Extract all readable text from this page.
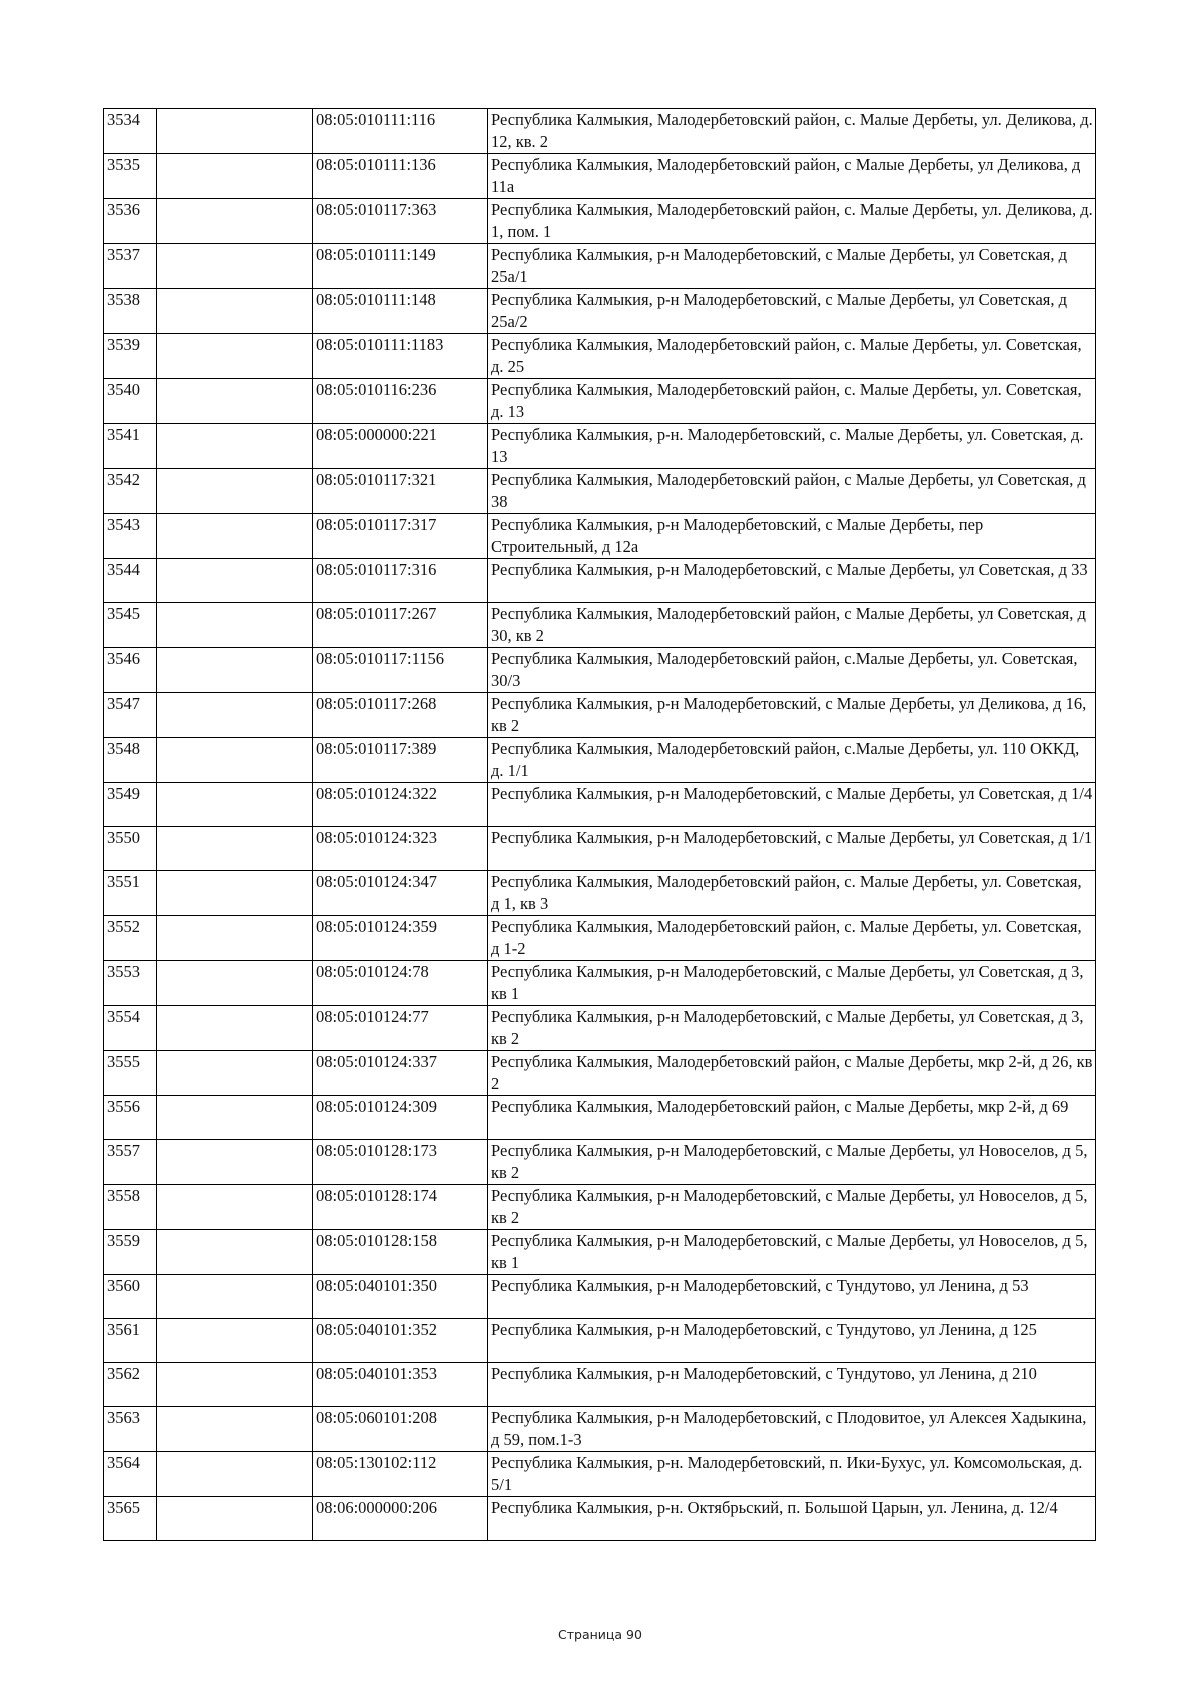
3534		08:05:010111:116	Республика Калмыкия, Малодербетовский район, с. Малые Дербеты, ул. Деликова, д. 12, кв. 2
3535		08:05:010111:136	Республика Калмыкия, Малодербетовский район, с Малые Дербеты, ул Деликова, д 11а
3536		08:05:010117:363	Республика Калмыкия, Малодербетовский район, с. Малые Дербеты, ул. Деликова, д. 1, пом. 1
3537		08:05:010111:149	Республика Калмыкия, р-н Малодербетовский, с Малые Дербеты, ул Советская, д 25а/1
3538		08:05:010111:148	Республика Калмыкия, р-н Малодербетовский, с Малые Дербеты, ул Советская, д 25а/2
3539		08:05:010111:1183	Республика Калмыкия, Малодербетовский район, с. Малые Дербеты, ул. Советская, д. 25
3540		08:05:010116:236	Республика Калмыкия, Малодербетовский район, с. Малые Дербеты, ул. Советская, д. 13
3541		08:05:000000:221	Республика Калмыкия, р-н. Малодербетовский, с. Малые Дербеты, ул. Советская, д. 13
3542		08:05:010117:321	Республика Калмыкия, Малодербетовский район, с Малые Дербеты, ул Советская, д 38
3543		08:05:010117:317	Республика Калмыкия, р-н Малодербетовский, с Малые Дербеты, пер Строительный, д 12а
3544		08:05:010117:316	Республика Калмыкия, р-н Малодербетовский, с Малые Дербеты, ул Советская, д 33
3545		08:05:010117:267	Республика Калмыкия, Малодербетовский район, с Малые Дербеты, ул Советская, д 30, кв 2
3546		08:05:010117:1156	Республика Калмыкия, Малодербетовский район, с.Малые Дербеты, ул. Советская, 30/3
3547		08:05:010117:268	Республика Калмыкия, р-н Малодербетовский, с Малые Дербеты, ул Деликова, д 16, кв 2
3548		08:05:010117:389	Республика Калмыкия, Малодербетовский район, с.Малые Дербеты, ул. 110 ОККД, д. 1/1
3549		08:05:010124:322	Республика Калмыкия, р-н Малодербетовский, с Малые Дербеты, ул Советская, д 1/4
3550		08:05:010124:323	Республика Калмыкия, р-н Малодербетовский, с Малые Дербеты, ул Советская, д 1/1
3551		08:05:010124:347	Республика Калмыкия, Малодербетовский район, с. Малые Дербеты, ул. Советская, д 1, кв 3
3552		08:05:010124:359	Республика Калмыкия, Малодербетовский район, с. Малые Дербеты, ул. Советская, д 1-2
3553		08:05:010124:78	Республика Калмыкия, р-н Малодербетовский, с Малые Дербеты, ул Советская, д 3, кв 1
3554		08:05:010124:77	Республика Калмыкия, р-н Малодербетовский, с Малые Дербеты, ул Советская, д 3, кв 2
3555		08:05:010124:337	Республика Калмыкия, Малодербетовский район, с Малые Дербеты, мкр 2-й, д 26, кв 2
3556		08:05:010124:309	Республика Калмыкия, Малодербетовский район, с Малые Дербеты, мкр 2-й, д 69
3557		08:05:010128:173	Республика Калмыкия, р-н Малодербетовский, с Малые Дербеты, ул Новоселов, д 5, кв 2
3558		08:05:010128:174	Республика Калмыкия, р-н Малодербетовский, с Малые Дербеты, ул Новоселов, д 5, кв 2
3559		08:05:010128:158	Республика Калмыкия, р-н Малодербетовский, с Малые Дербеты, ул Новоселов, д 5, кв 1
3560		08:05:040101:350	Республика Калмыкия, р-н Малодербетовский, с Тундутово, ул Ленина, д 53
3561		08:05:040101:352	Республика Калмыкия, р-н Малодербетовский, с Тундутово, ул Ленина, д 125
3562		08:05:040101:353	Республика Калмыкия, р-н Малодербетовский, с Тундутово, ул Ленина, д 210
3563		08:05:060101:208	Республика Калмыкия, р-н Малодербетовский, с Плодовитое, ул Алексея Хадыкина, д 59, пом.1-3
3564		08:05:130102:112	Республика Калмыкия, р-н. Малодербетовский, п. Ики-Бухус, ул. Комсомольская, д. 5/1
3565		08:06:000000:206	Республика Калмыкия, р-н. Октябрьский, п. Большой Царын, ул. Ленина, д. 12/4
Страница 90
